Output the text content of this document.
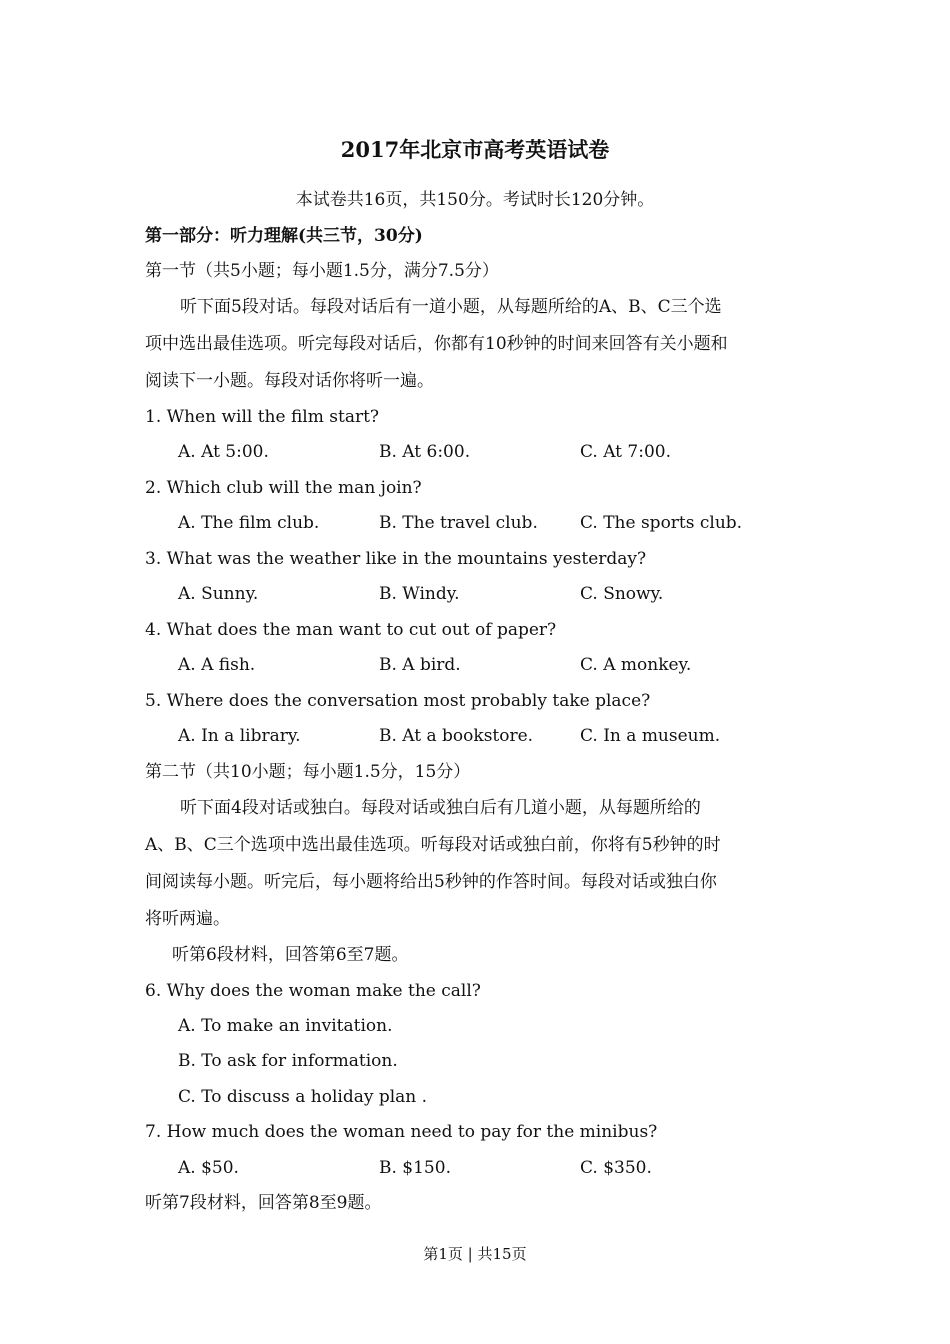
2017年北京市高考英语试卷
本试卷共16页，共150分。考试时长120分钟。
第一部分：听力理解(共三节，30分)
第一节（共5小题；每小题1.5分，满分7.5分）
听下面5段对话。每段对话后有一道小题，从每题所给的A、B、C三个选
项中选出最佳选项。听完每段对话后，你都有10秒钟的时间来回答有关小题和
阅读下一小题。每段对话你将听一遍。
1. When will the film start?
A. At 5:00.	B. At 6:00.	C. At 7:00.
2. Which club will the man join?
A. The film club.	B. The travel club. C. The sports club.
3. What was the weather like in the mountains yesterday?
A. Sunny.	B. Windy.	C. Snowy.
4. What does the man want to cut out of paper?
A. A fish.	B. A bird.	C. A monkey.
5. Where does the conversation most probably take place?
A. In a library.	B. At a bookstore.	C. In a museum.
第二节（共10小题；每小题1.5分，15分）
听下面4段对话或独白。每段对话或独白后有几道小题，从每题所给的
A、B、C三个选项中选出最佳选项。听每段对话或独白前，你将有5秒钟的时
间阅读每小题。听完后，每小题将给出5秒钟的作答时间。每段对话或独白你
将听两遍。
听第6段材料，回答第6至7题。
6. Why does the woman make the call?
A. To make an invitation.
B. To ask for information.
C. To discuss a holiday plan .
7. How much does the woman need to pay for the minibus?
A. $50.	B. $150.	C. $350.
听第7段材料，回答第8至9题。
第1页 | 共15页
